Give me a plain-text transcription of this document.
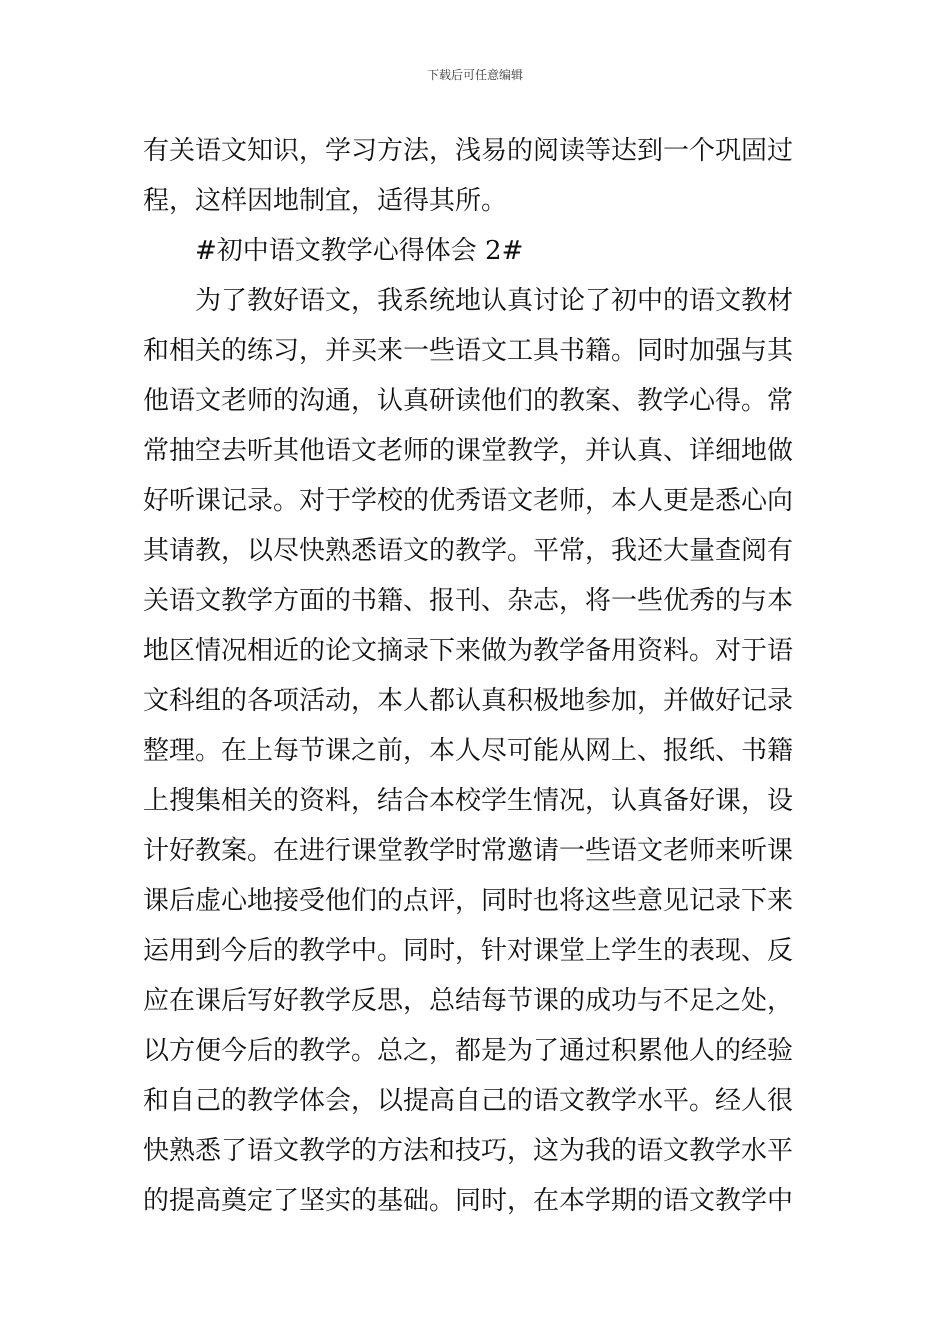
下载后可任意编辑
有关语文知识，学习方法，浅易的阅读等达到一个巩固过
程，这样因地制宜，适得其所。
#初中语文教学心得体会 2#
为了教好语文，我系统地认真讨论了初中的语文教材
和相关的练习，并买来一些语文工具书籍。同时加强与其
他语文老师的沟通，认真研读他们的教案、教学心得。常
常抽空去听其他语文老师的课堂教学，并认真、详细地做
好听课记录。对于学校的优秀语文老师，本人更是悉心向
其请教，以尽快熟悉语文的教学。平常，我还大量查阅有
关语文教学方面的书籍、报刊、杂志，将一些优秀的与本
地区情况相近的论文摘录下来做为教学备用资料。对于语
文科组的各项活动，本人都认真积极地参加，并做好记录
整理。在上每节课之前，本人尽可能从网上、报纸、书籍
上搜集相关的资料，结合本校学生情况，认真备好课，设
计好教案。在进行课堂教学时常邀请一些语文老师来听课
课后虚心地接受他们的点评，同时也将这些意见记录下来
运用到今后的教学中。同时，针对课堂上学生的表现、反
应在课后写好教学反思，总结每节课的成功与不足之处，
以方便今后的教学。总之，都是为了通过积累他人的经验
和自己的教学体会，以提高自己的语文教学水平。经人很
快熟悉了语文教学的方法和技巧，这为我的语文教学水平
的提高奠定了坚实的基础。同时，在本学期的语文教学中
